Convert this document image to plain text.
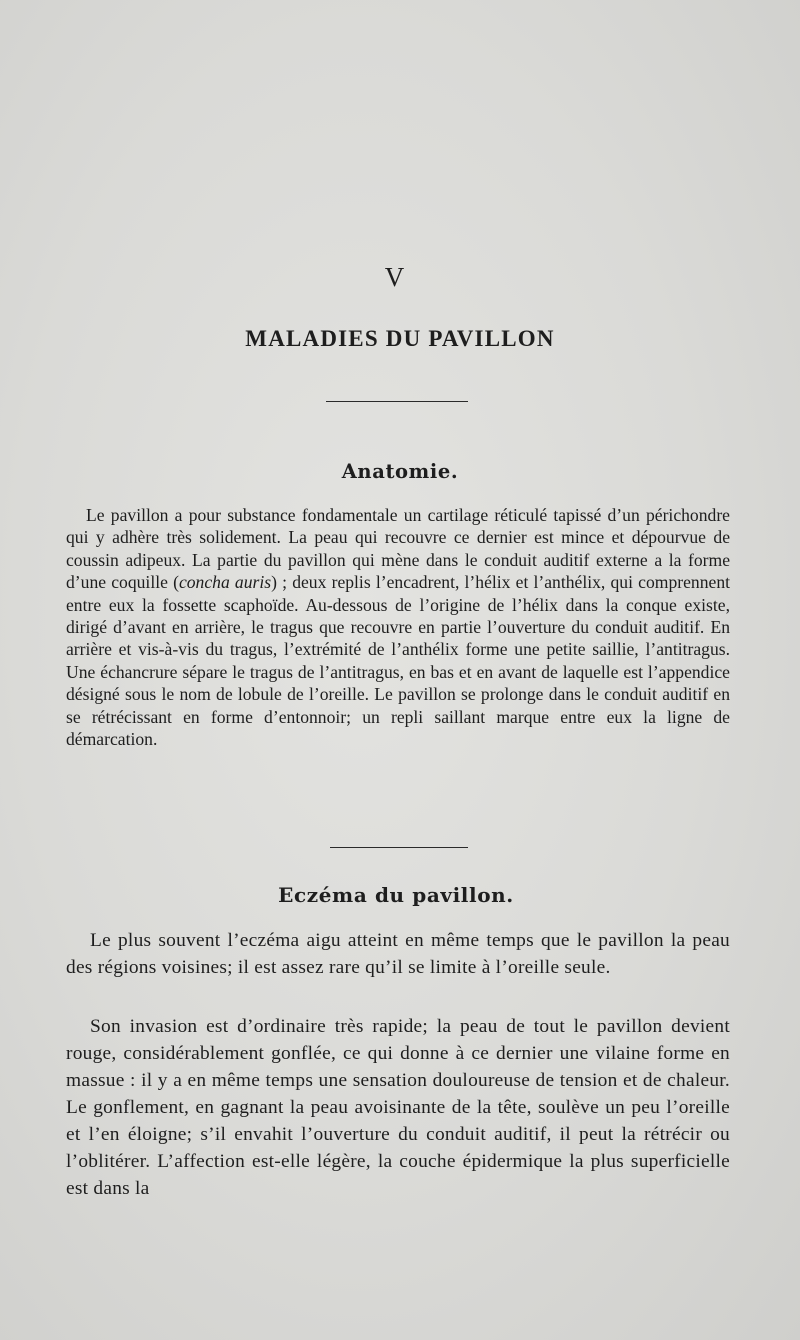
V
MALADIES DU PAVILLON
Anatomie.

Le pavillon a pour substance fondamentale un cartilage réticulé tapissé d’un périchondre qui y adhère très solidement. La peau qui recouvre ce dernier est mince et dépourvue de coussin adipeux. La partie du pavillon qui mène dans le conduit auditif externe a la forme d’une coquille (concha auris) ; deux replis l’encadrent, l’hélix et l’anthélix, qui comprennent entre eux la fossette scaphoïde. Au-dessous de l’origine de l’hélix dans la conque existe, dirigé d’avant en arrière, le tragus que recouvre en partie l’ouverture du conduit auditif. En arrière et vis-à-vis du tragus, l’extrémité de l’anthélix forme une petite saillie, l’antitragus. Une échancrure sépare le tragus de l’antitragus, en bas et en avant de laquelle est l’appendice désigné sous le nom de lobule de l’oreille. Le pavillon se prolonge dans le conduit auditif en se rétrécissant en forme d’entonnoir; un repli saillant marque entre eux la ligne de démarcation.

Eczéma du pavillon.

Le plus souvent l’eczéma aigu atteint en même temps que le pavillon la peau des régions voisines; il est assez rare qu’il se limite à l’oreille seule.

Son invasion est d’ordinaire très rapide; la peau de tout le pavillon devient rouge, considérablement gonflée, ce qui donne à ce dernier une vilaine forme en massue : il y a en même temps une sensation douloureuse de tension et de chaleur. Le gonflement, en gagnant la peau avoisinante de la tête, soulève un peu l’oreille et l’en éloigne; s’il envahit l’ouverture du conduit auditif, il peut la rétrécir ou l’oblitérer. L’affection est-elle légère, la couche épidermique la plus superficielle est dans la
